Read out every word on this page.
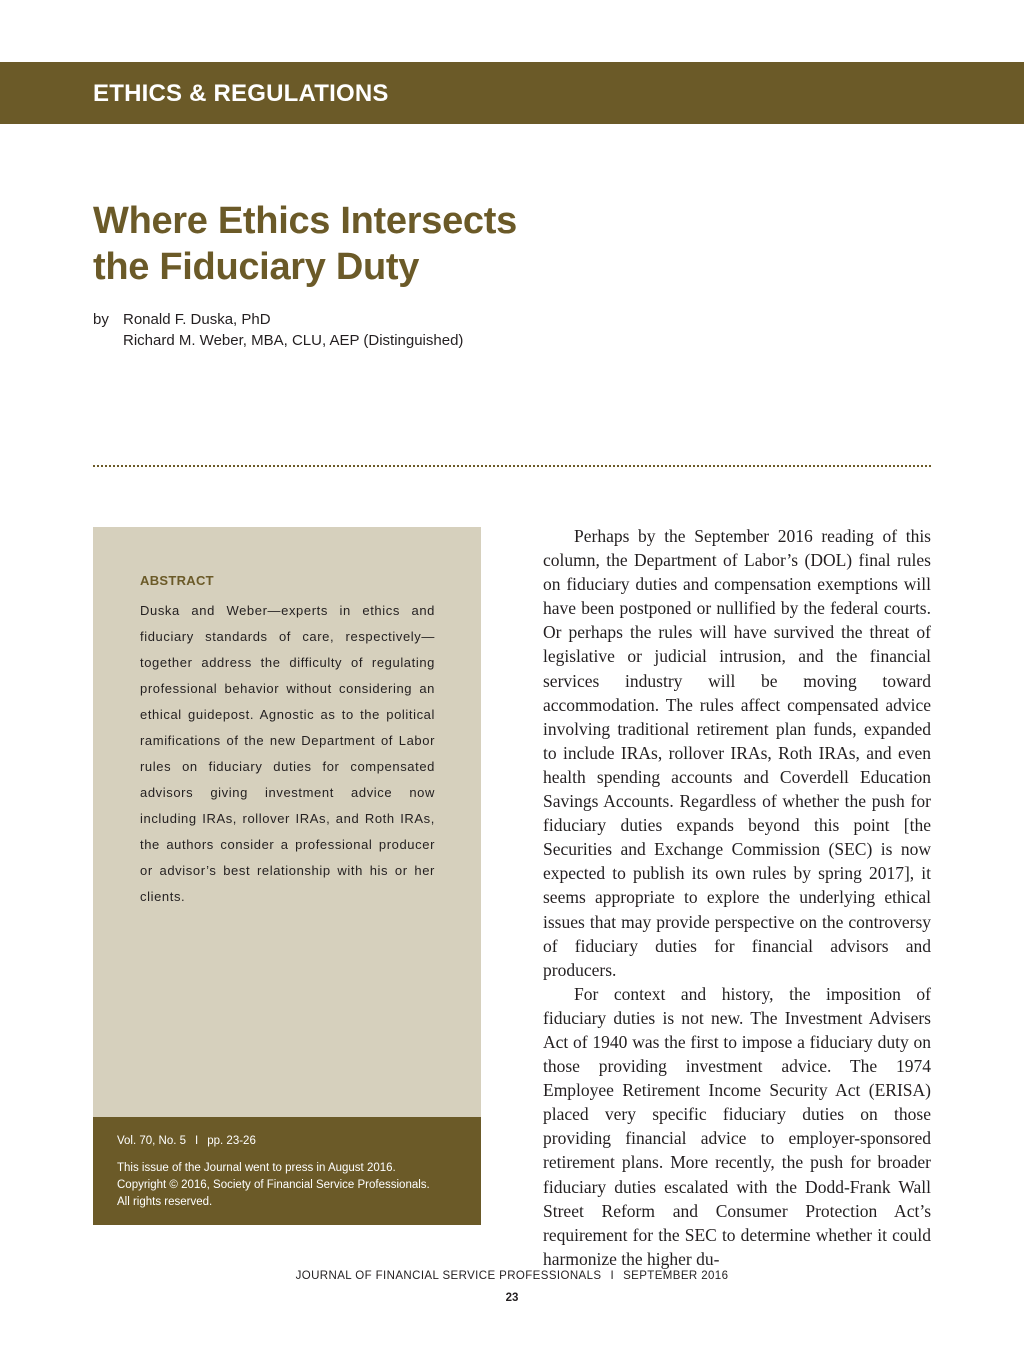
ETHICS & REGULATIONS
Where Ethics Intersects
the Fiduciary Duty
by Ronald F. Duska, PhD
Richard M. Weber, MBA, CLU, AEP (Distinguished)
ABSTRACT

Duska and Weber—experts in ethics and fiduciary standards of care, respectively—together address the difficulty of regulating professional behavior without considering an ethical guidepost. Agnostic as to the political ramifications of the new Department of Labor rules on fiduciary duties for compensated advisors giving investment advice now including IRAs, rollover IRAs, and Roth IRAs, the authors consider a professional producer or advisor’s best relationship with his or her clients.

Vol. 70, No. 5 I pp. 23-26

This issue of the Journal went to press in August 2016.
Copyright © 2016, Society of Financial Service Professionals.
All rights reserved.

Perhaps by the September 2016 reading of this column, the Department of Labor’s (DOL) final rules on fiduciary duties and compensation exemptions will have been postponed or nullified by the federal courts. Or perhaps the rules will have survived the threat of legislative or judicial intrusion, and the financial services industry will be moving toward accommodation. The rules affect compensated advice involving traditional retirement plan funds, expanded to include IRAs, rollover IRAs, Roth IRAs, and even health spending accounts and Coverdell Education Savings Accounts. Regardless of whether the push for fiduciary duties expands beyond this point [the Securities and Exchange Commission (SEC) is now expected to publish its own rules by spring 2017], it seems appropriate to explore the underlying ethical issues that may provide perspective on the controversy of fiduciary duties for financial advisors and producers.

For context and history, the imposition of fiduciary duties is not new. The Investment Advisers Act of 1940 was the first to impose a fiduciary duty on those providing investment advice. The 1974 Employee Retirement Income Security Act (ERISA) placed very specific fiduciary duties on those providing financial advice to employer-sponsored retirement plans. More recently, the push for broader fiduciary duties escalated with the Dodd-Frank Wall Street Reform and Consumer Protection Act’s requirement for the SEC to determine whether it could harmonize the higher du-

JOURNAL OF FINANCIAL SERVICE PROFESSIONALS I SEPTEMBER 2016
23
